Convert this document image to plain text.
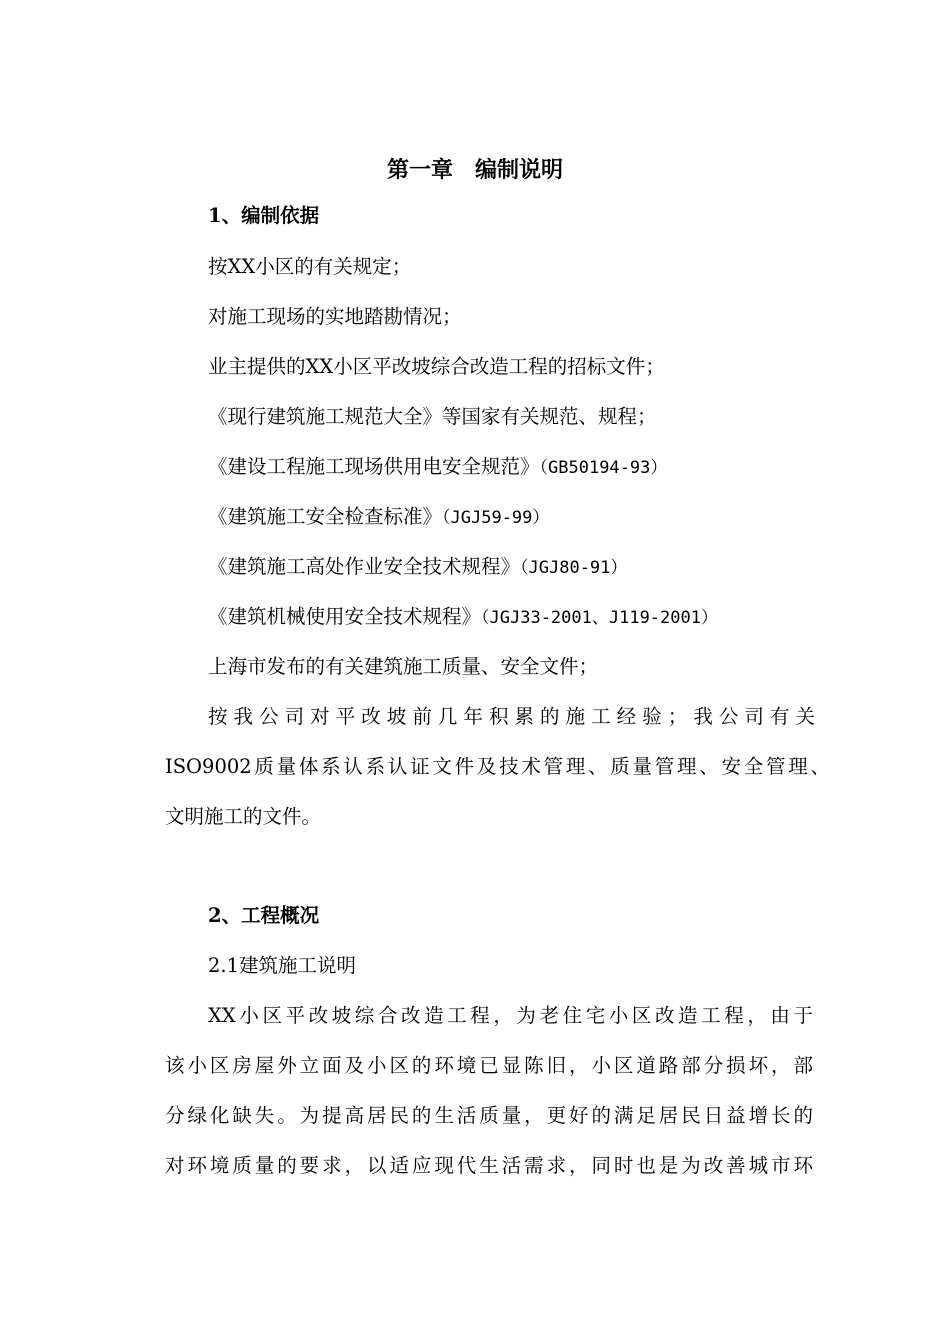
第一章　编制说明

1、编制依据

按XX小区的有关规定；

对施工现场的实地踏勘情况；

业主提供的XX小区平改坡综合改造工程的招标文件；

《现行建筑施工规范大全》等国家有关规范、规程；

《建设工程施工现场供用电安全规范》（GB50194-93）

《建筑施工安全检查标准》（JGJ59-99）

《建筑施工高处作业安全技术规程》（JGJ80-91）

《建筑机械使用安全技术规程》（JGJ33-2001、J119-2001）

上海市发布的有关建筑施工质量、安全文件；

按我公司对平改坡前几年积累的施工经验；我公司有关

ISO9002质量体系认系认证文件及技术管理、质量管理、安全管理、

文明施工的文件。

2、工程概况

2.1建筑施工说明

XX小区平改坡综合改造工程，为老住宅小区改造工程，由于

该小区房屋外立面及小区的环境已显陈旧，小区道路部分损坏，部

分绿化缺失。为提高居民的生活质量，更好的满足居民日益增长的

对环境质量的要求，以适应现代生活需求，同时也是为改善城市环
